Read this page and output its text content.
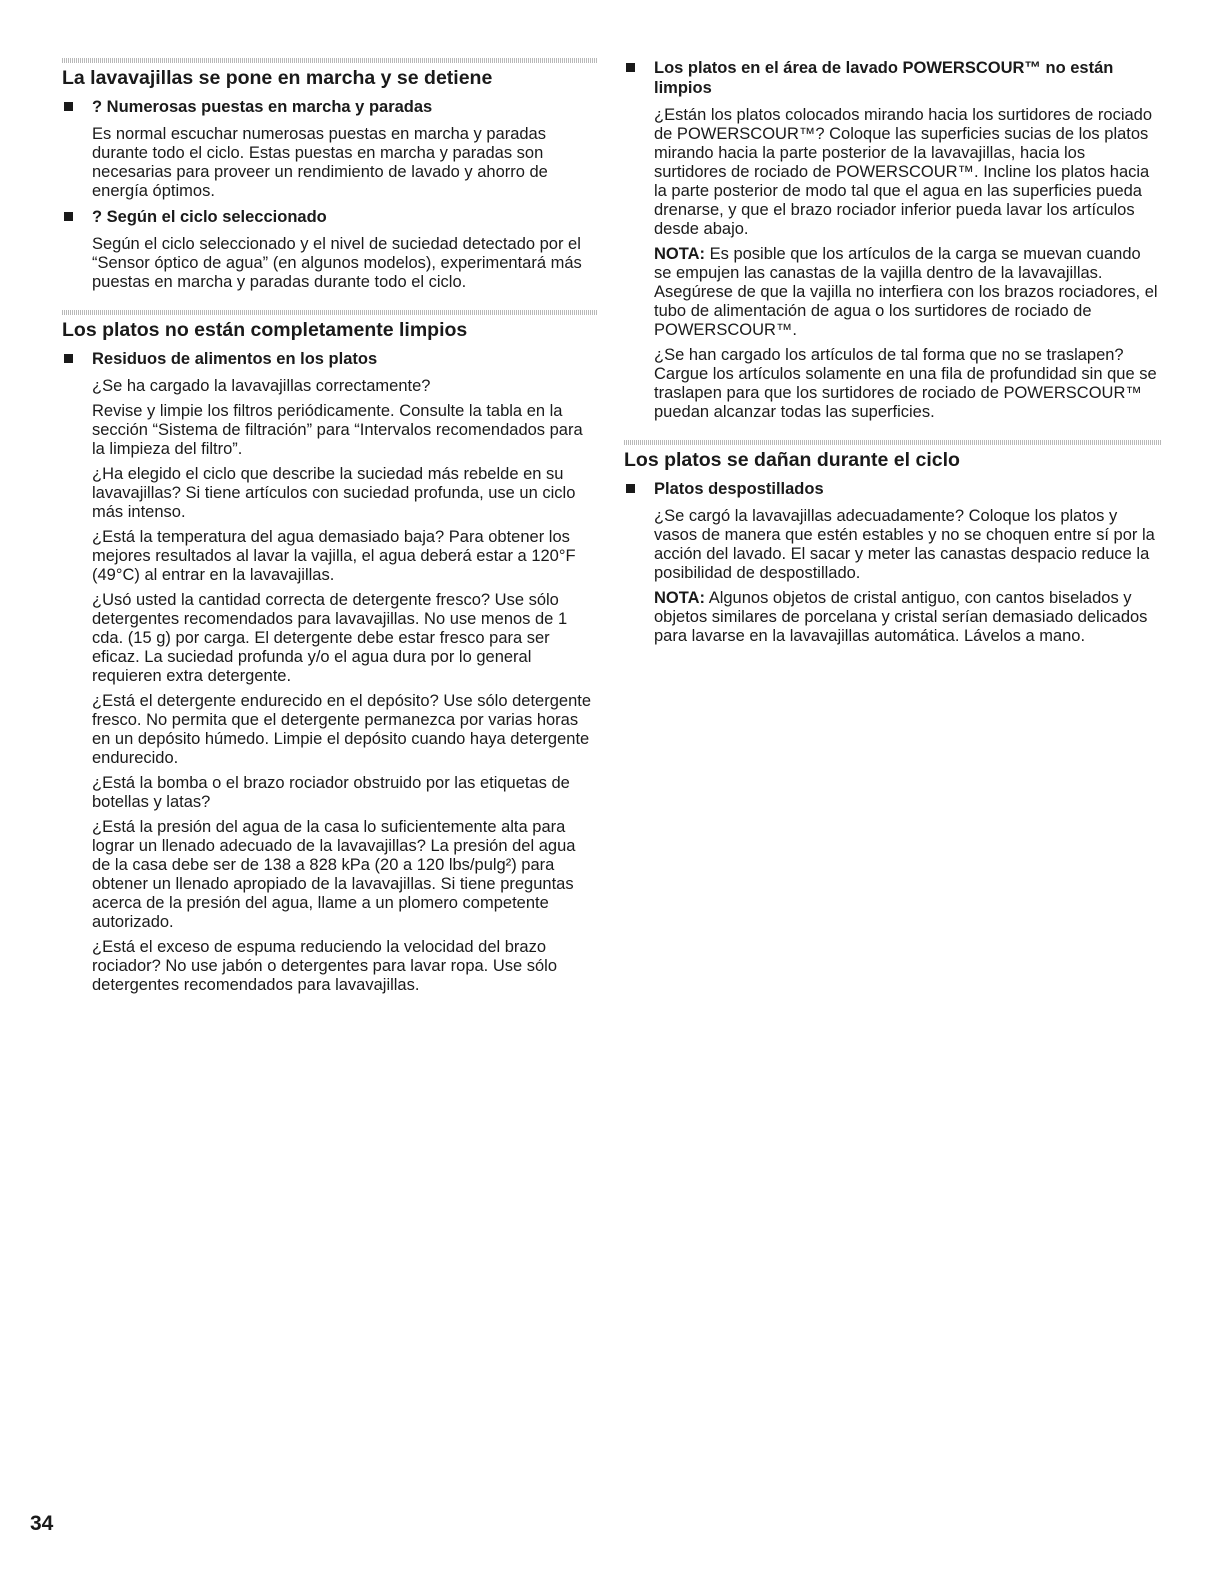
La lavavajillas se pone en marcha y se detiene
? Numerosas puestas en marcha y paradas

Es normal escuchar numerosas puestas en marcha y paradas durante todo el ciclo. Estas puestas en marcha y paradas son necesarias para proveer un rendimiento de lavado y ahorro de energía óptimos.

? Según el ciclo seleccionado

Según el ciclo seleccionado y el nivel de suciedad detectado por el “Sensor óptico de agua” (en algunos modelos), experimentará más puestas en marcha y paradas durante todo el ciclo.

Los platos no están completamente limpios
Residuos de alimentos en los platos

¿Se ha cargado la lavavajillas correctamente?

Revise y limpie los filtros periódicamente. Consulte la tabla en la sección “Sistema de filtración” para “Intervalos recomendados para la limpieza del filtro”.

¿Ha elegido el ciclo que describe la suciedad más rebelde en su lavavajillas? Si tiene artículos con suciedad profunda, use un ciclo más intenso.

¿Está la temperatura del agua demasiado baja? Para obtener los mejores resultados al lavar la vajilla, el agua deberá estar a 120°F (49°C) al entrar en la lavavajillas.

¿Usó usted la cantidad correcta de detergente fresco? Use sólo detergentes recomendados para lavavajillas. No use menos de 1 cda. (15 g) por carga. El detergente debe estar fresco para ser eficaz. La suciedad profunda y/o el agua dura por lo general requieren extra detergente.

¿Está el detergente endurecido en el depósito? Use sólo detergente fresco. No permita que el detergente permanezca por varias horas en un depósito húmedo. Limpie el depósito cuando haya detergente endurecido.

¿Está la bomba o el brazo rociador obstruido por las etiquetas de botellas y latas?

¿Está la presión del agua de la casa lo suficientemente alta para lograr un llenado adecuado de la lavavajillas? La presión del agua de la casa debe ser de 138 a 828 kPa (20 a 120 lbs/pulg²) para obtener un llenado apropiado de la lavavajillas. Si tiene preguntas acerca de la presión del agua, llame a un plomero competente autorizado.

¿Está el exceso de espuma reduciendo la velocidad del brazo rociador? No use jabón o detergentes para lavar ropa. Use sólo detergentes recomendados para lavavajillas.

Los platos en el área de lavado POWERSCOUR™ no están limpios

¿Están los platos colocados mirando hacia los surtidores de rociado de POWERSCOUR™? Coloque las superficies sucias de los platos mirando hacia la parte posterior de la lavavajillas, hacia los surtidores de rociado de POWERSCOUR™. Incline los platos hacia la parte posterior de modo tal que el agua en las superficies pueda drenarse, y que el brazo rociador inferior pueda lavar los artículos desde abajo.

NOTA: Es posible que los artículos de la carga se muevan cuando se empujen las canastas de la vajilla dentro de la lavavajillas. Asegúrese de que la vajilla no interfiera con los brazos rociadores, el tubo de alimentación de agua o los surtidores de rociado de POWERSCOUR™.

¿Se han cargado los artículos de tal forma que no se traslapen? Cargue los artículos solamente en una fila de profundidad sin que se traslapen para que los surtidores de rociado de POWERSCOUR™ puedan alcanzar todas las superficies.

Los platos se dañan durante el ciclo
Platos despostillados

¿Se cargó la lavavajillas adecuadamente? Coloque los platos y vasos de manera que estén estables y no se choquen entre sí por la acción del lavado. El sacar y meter las canastas despacio reduce la posibilidad de despostillado.

NOTA: Algunos objetos de cristal antiguo, con cantos biselados y objetos similares de porcelana y cristal serían demasiado delicados para lavarse en la lavavajillas automática. Lávelos a mano.

34
